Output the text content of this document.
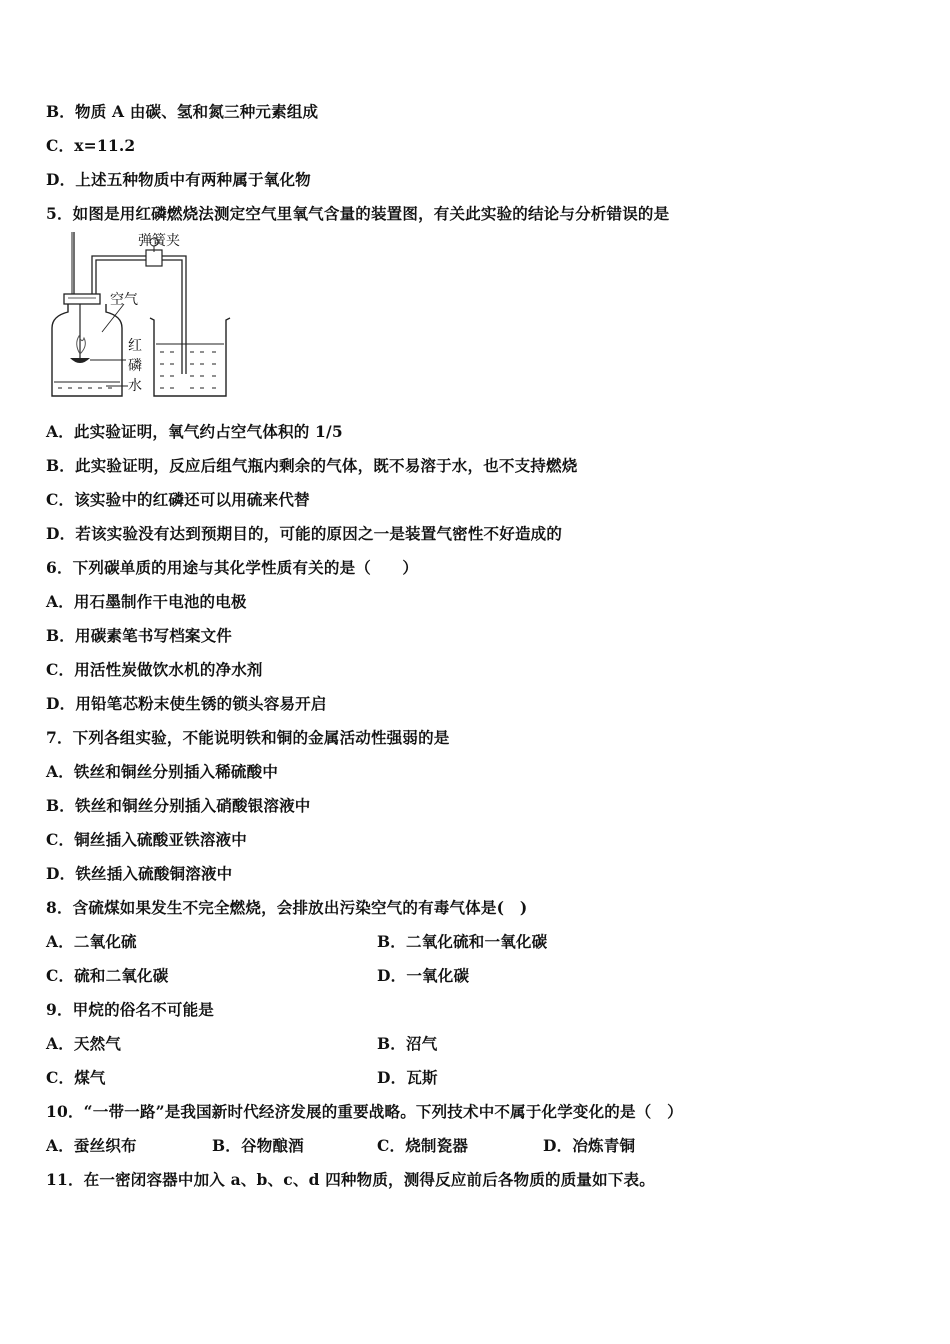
B．物质 A 由碳、氢和氮三种元素组成
C．x=11.2
D．上述五种物质中有两种属于氧化物
5．如图是用红磷燃烧法测定空气里氧气含量的装置图，有关此实验的结论与分析错误的是
弹簧夹
空气
红
磷
水
A．此实验证明，氧气约占空气体积的 1/5
B．此实验证明，反应后组气瓶内剩余的气体，既不易溶于水，也不支持燃烧
C．该实验中的红磷还可以用硫来代替
D．若该实验没有达到预期目的，可能的原因之一是装置气密性不好造成的
6．下列碳单质的用途与其化学性质有关的是（　　）
A．用石墨制作干电池的电极
B．用碳素笔书写档案文件
C．用活性炭做饮水机的净水剂
D．用铅笔芯粉末使生锈的锁头容易开启
7．下列各组实验，不能说明铁和铜的金属活动性强弱的是
A．铁丝和铜丝分别插入稀硫酸中
B．铁丝和铜丝分别插入硝酸银溶液中
C．铜丝插入硫酸亚铁溶液中
D．铁丝插入硫酸铜溶液中
8．含硫煤如果发生不完全燃烧，会排放出污染空气的有毒气体是(　)
A．二氧化硫	B．二氧化硫和一氧化碳
C．硫和二氧化碳	D．一氧化碳
9．甲烷的俗名不可能是
A．天然气	B．沼气
C．煤气	D．瓦斯
10．“一带一路”是我国新时代经济发展的重要战略。下列技术中不属于化学变化的是（　）
A．蚕丝织布	B．谷物酿酒	C．烧制瓷器	D．冶炼青铜
11．在一密闭容器中加入 a、b、c、d 四种物质，测得反应前后各物质的质量如下表。
